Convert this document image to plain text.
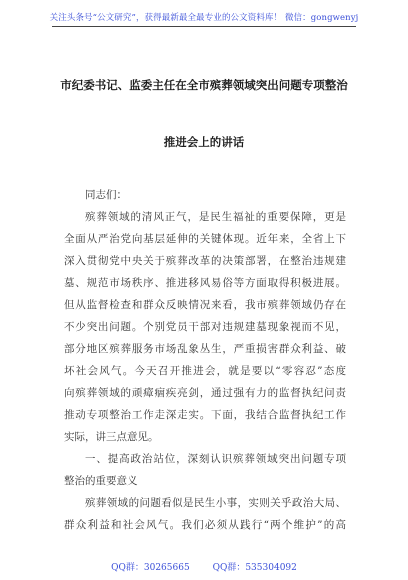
关注头条号“公文研究”，获得最新最全最专业的公文资料库！ 微信：gongwenyj
市纪委书记、监委主任在全市殡葬领域突出问题专项整治
推进会上的讲话
同志们：
殡葬领域的清风正气，是民生福祉的重要保障，更是
全面从严治党向基层延伸的关键体现。近年来，全省上下
深入贯彻党中央关于殡葬改革的决策部署，在整治违规建
墓、规范市场秩序、推进移风易俗等方面取得积极进展。
但从监督检查和群众反映情况来看，我市殡葬领域仍存在
不少突出问题。个别党员干部对违规建墓现象视而不见，
部分地区殡葬服务市场乱象丛生，严重损害群众利益、破
坏社会风气。今天召开推进会，就是要以“零容忍”态度
向殡葬领域的顽瘴痼疾亮剑，通过强有力的监督执纪问责
推动专项整治工作走深走实。下面，我结合监督执纪工作
实际，讲三点意见。
一、提高政治站位，深刻认识殡葬领域突出问题专项
整治的重要意义
殡葬领域的问题看似是民生小事，实则关乎政治大局、
群众利益和社会风气。我们必须从践行“两个维护”的高
QQ群：30265665	QQ群：535304092
